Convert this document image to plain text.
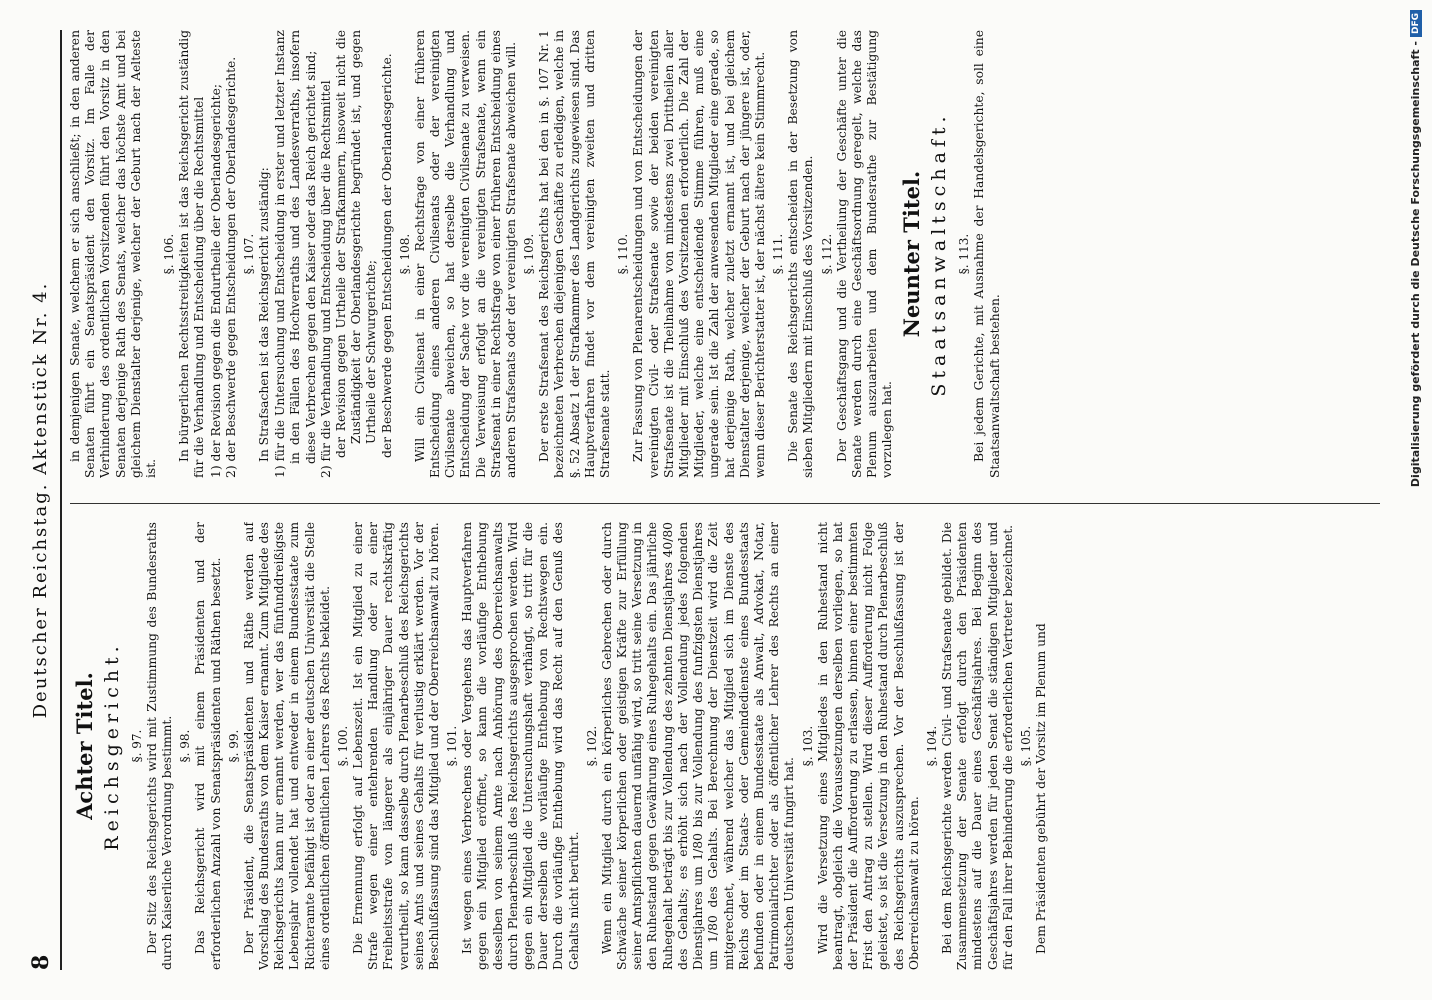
8
Deutscher Reichstag. Aktenstück Nr. 4.
Achter Titel. Reichsgericht. §. 97. Der Sitz des Reichsgerichts wird mit Zustimmung des Bundesraths durch Kaiserliche Verordnung bestimmt. §. 98. Das Reichsgericht wird mit einem Präsidenten und der erforderlichen Anzahl von Senatspräsidenten und Räthen besetzt. §. 99. Der Präsident, die Senatspräsidenten und Räthe werden auf Vorschlag des Bundesraths von dem Kaiser ernannt. Zum Mitgliede des Reichsgerichts kann nur ernannt werden, wer das fünfunddreißigste Lebensjahr vollendet hat und entweder in einem Bundesstaate zum Richteramte befähigt ist oder an einer deutschen Universität die Stelle eines ordentlichen öffentlichen Lehrers des Rechts bekleidet. §. 100. Die Ernennung erfolgt auf Lebenszeit. Ist ein Mitglied zu einer Strafe wegen einer entehrenden Handlung oder zu einer Freiheitsstrafe von längerer als einjähriger Dauer rechtskräftig verurtheilt, so kann dasselbe durch Plenarbeschluß des Reichsgerichts seines Amts und seines Gehalts für verlustig erklärt werden. Vor der Beschlußfassung sind das Mitglied und der Oberreichsanwalt zu hören. §. 101. Ist wegen eines Verbrechens oder Vergehens das Hauptverfahren gegen ein Mitglied eröffnet, so kann die vorläufige Enthebung desselben von seinem Amte nach Anhörung des Oberreichsanwalts durch Plenarbeschluß des Reichsgerichts ausgesprochen werden. Wird gegen ein Mitglied die Untersuchungshaft verhängt, so tritt für die Dauer derselben die vorläufige Enthebung von Rechtswegen ein. Durch die vorläufige Enthebung wird das Recht auf den Genuß des Gehalts nicht berührt.

§. 102. Wenn ein Mitglied durch ein körperliches Gebrechen oder durch Schwäche seiner körperlichen oder geistigen Kräfte zur Erfüllung seiner Amtspflichten dauernd unfähig wird, so tritt seine Versetzung in den Ruhestand gegen Gewährung eines Ruhegehalts ein. Das jährliche Ruhegehalt beträgt bis zur Vollendung des zehnten Dienstjahres 40/80 des Gehalts; es erhöht sich nach der Vollendung jedes folgenden Dienstjahres um 1/80 bis zur Vollendung des funfzigsten Dienstjahres um 1/80 des Gehalts. Bei Berechnung der Dienstzeit wird die Zeit mitgerechnet, während welcher das Mitglied sich im Dienste des Reichs oder im Staats- oder Gemeindedienste eines Bundesstaats befunden oder in einem Bundesstaate als Anwalt, Advokat, Notar, Patrimonialrichter oder als öffentlicher Lehrer des Rechts an einer deutschen Universität fungirt hat.

§. 103. Wird die Versetzung eines Mitgliedes in den Ruhestand nicht beantragt, obgleich die Voraussetzungen derselben vorliegen, so hat der Präsident die Aufforderung zu erlassen, binnen einer bestimmten Frist den Antrag zu stellen. Wird dieser Aufforderung nicht Folge geleistet, so ist die Versetzung in den Ruhestand durch Plenarbeschluß des Reichsgerichts auszusprechen. Vor der Beschlußfassung ist der Oberreichsanwalt zu hören.

§. 104. Bei dem Reichsgerichte werden Civil- und Strafsenate gebildet. Die Zusammensetzung der Senate erfolgt durch den Präsidenten mindestens auf die Dauer eines Geschäftsjahres. Bei Beginn des Geschäftsjahres werden für jeden Senat die ständigen Mitglieder und für den Fall ihrer Behinderung die erforderlichen Vertreter bezeichnet. §. 105. Dem Präsidenten gebührt der Vorsitz im Plenum und

in demjenigen Senate, welchem er sich anschließt; in den anderen Senaten führt ein Senatspräsident den Vorsitz. Im Falle der Verhinderung des ordentlichen Vorsitzenden führt den Vorsitz in den Senaten derjenige Rath des Senats, welcher das höchste Amt und bei gleichem Dienstalter derjenige, welcher der Geburt nach der Aelteste ist.

§. 106. In bürgerlichen Rechtsstreitigkeiten ist das Reichsgericht zuständig für die Verhandlung und Entscheidung über die Rechtsmittel 1) der Revision gegen die Endurtheile der Oberlandesgerichte; 2) der Beschwerde gegen Entscheidungen der Oberlandesgerichte. §. 107. In Strafsachen ist das Reichsgericht zuständig: 1) für die Untersuchung und Entscheidung in erster und letzter Instanz in den Fällen des Hochverraths und des Landesverraths, insofern diese Verbrechen gegen den Kaiser oder das Reich gerichtet sind; 2) für die Verhandlung und Entscheidung über die Rechtsmittel der Revision gegen Urtheile der Strafkammern, insoweit nicht die Zuständigkeit der Oberlandesgerichte begründet ist, und gegen Urtheile der Schwurgerichte; der Beschwerde gegen Entscheidungen der Oberlandesgerichte. §. 108. Will ein Civilsenat in einer Rechtsfrage von einer früheren Entscheidung eines anderen Civilsenats oder der vereinigten Civilsenate abweichen, so hat derselbe die Verhandlung und Entscheidung der Sache vor die vereinigten Civilsenate zu verweisen. Die Verweisung erfolgt an die vereinigten Strafsenate, wenn ein Strafsenat in einer Rechtsfrage von einer früheren Entscheidung eines anderen Strafsenats oder der vereinigten Strafsenate abweichen will. §. 109. Der erste Strafsenat des Reichsgerichts hat bei den in §. 107 Nr. 1 bezeichneten Verbrechen diejenigen Geschäfte zu erledigen, welche in §. 52 Absatz 1 der Strafkammer des Landgerichts zugewiesen sind. Das Hauptverfahren findet vor dem vereinigten zweiten und dritten Strafsenate statt.

§. 110. Zur Fassung von Plenarentscheidungen und von Entscheidungen der vereinigten Civil- oder Strafsenate sowie der beiden vereinigten Strafsenate ist die Theilnahme von mindestens zwei Drittheilen aller Mitglieder mit Einschluß des Vorsitzenden erforderlich. Die Zahl der Mitglieder, welche eine entscheidende Stimme führen, muß eine ungerade sein. Ist die Zahl der anwesenden Mitglieder eine gerade, so hat derjenige Rath, welcher zuletzt ernannt ist, und bei gleichem Dienstalter derjenige, welcher der Geburt nach der jüngere ist, oder, wenn dieser Berichterstatter ist, der nächst ältere kein Stimmrecht. §. 111. Die Senate des Reichsgerichts entscheiden in der Besetzung von sieben Mitgliedern mit Einschluß des Vorsitzenden. §. 112. Der Geschäftsgang und die Vertheilung der Geschäfte unter die Senate werden durch eine Geschäftsordnung geregelt, welche das Plenum auszuarbeiten und dem Bundesrathe zur Bestätigung vorzulegen hat.

Neunter Titel. Staatsanwaltschaft. §. 113. Bei jedem Gerichte, mit Ausnahme der Handelsgerichte, soll eine Staatsanwaltschaft bestehen.	Digitalisierung gefördert durch die Deutsche Forschungsgemeinschaft -DFG
